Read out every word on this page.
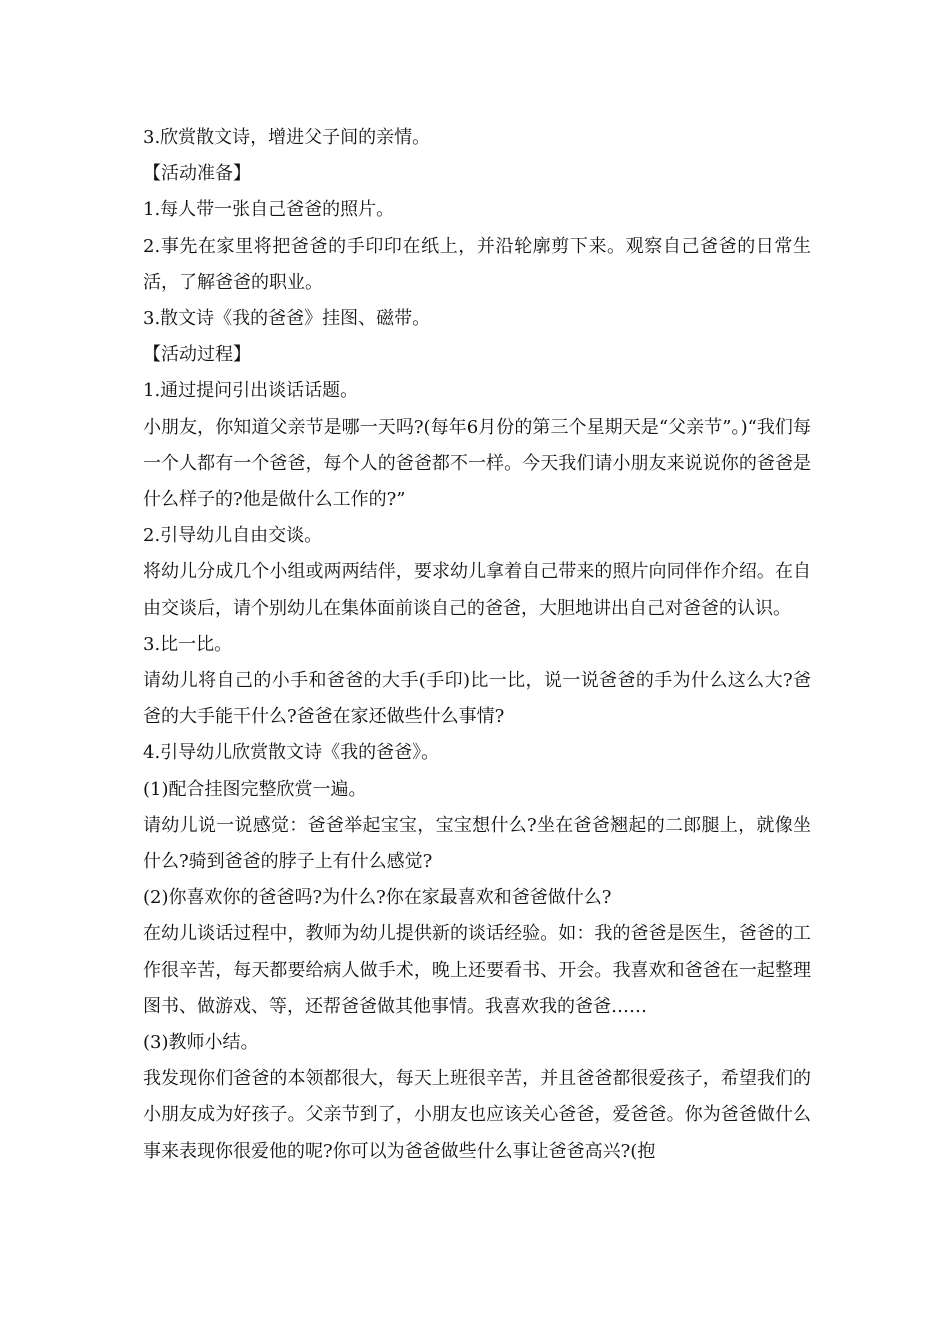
3.欣赏散文诗，增进父子间的亲情。

【活动准备】

1.每人带一张自己爸爸的照片。

2.事先在家里将把爸爸的手印印在纸上，并沿轮廓剪下来。观察自己爸爸的日常生活，了解爸爸的职业。

3.散文诗《我的爸爸》挂图、磁带。

【活动过程】

1.通过提问引出谈话话题。

小朋友，你知道父亲节是哪一天吗?(每年6月份的第三个星期天是“父亲节”。)“我们每一个人都有一个爸爸，每个人的爸爸都不一样。今天我们请小朋友来说说你的爸爸是什么样子的?他是做什么工作的?”

2.引导幼儿自由交谈。

将幼儿分成几个小组或两两结伴，要求幼儿拿着自己带来的照片向同伴作介绍。在自由交谈后，请个别幼儿在集体面前谈自己的爸爸，大胆地讲出自己对爸爸的认识。

3.比一比。

请幼儿将自己的小手和爸爸的大手(手印)比一比，说一说爸爸的手为什么这么大?爸爸的大手能干什么?爸爸在家还做些什么事情?

4.引导幼儿欣赏散文诗《我的爸爸》。

(1)配合挂图完整欣赏一遍。

请幼儿说一说感觉：爸爸举起宝宝，宝宝想什么?坐在爸爸翘起的二郎腿上，就像坐什么?骑到爸爸的脖子上有什么感觉?

(2)你喜欢你的爸爸吗?为什么?你在家最喜欢和爸爸做什么?

在幼儿谈话过程中，教师为幼儿提供新的谈话经验。如：我的爸爸是医生，爸爸的工作很辛苦，每天都要给病人做手术，晚上还要看书、开会。我喜欢和爸爸在一起整理图书、做游戏、等，还帮爸爸做其他事情。我喜欢我的爸爸……

(3)教师小结。

我发现你们爸爸的本领都很大，每天上班很辛苦，并且爸爸都很爱孩子，希望我们的小朋友成为好孩子。父亲节到了，小朋友也应该关心爸爸，爱爸爸。你为爸爸做什么事来表现你很爱他的呢?你可以为爸爸做些什么事让爸爸高兴?(抱
